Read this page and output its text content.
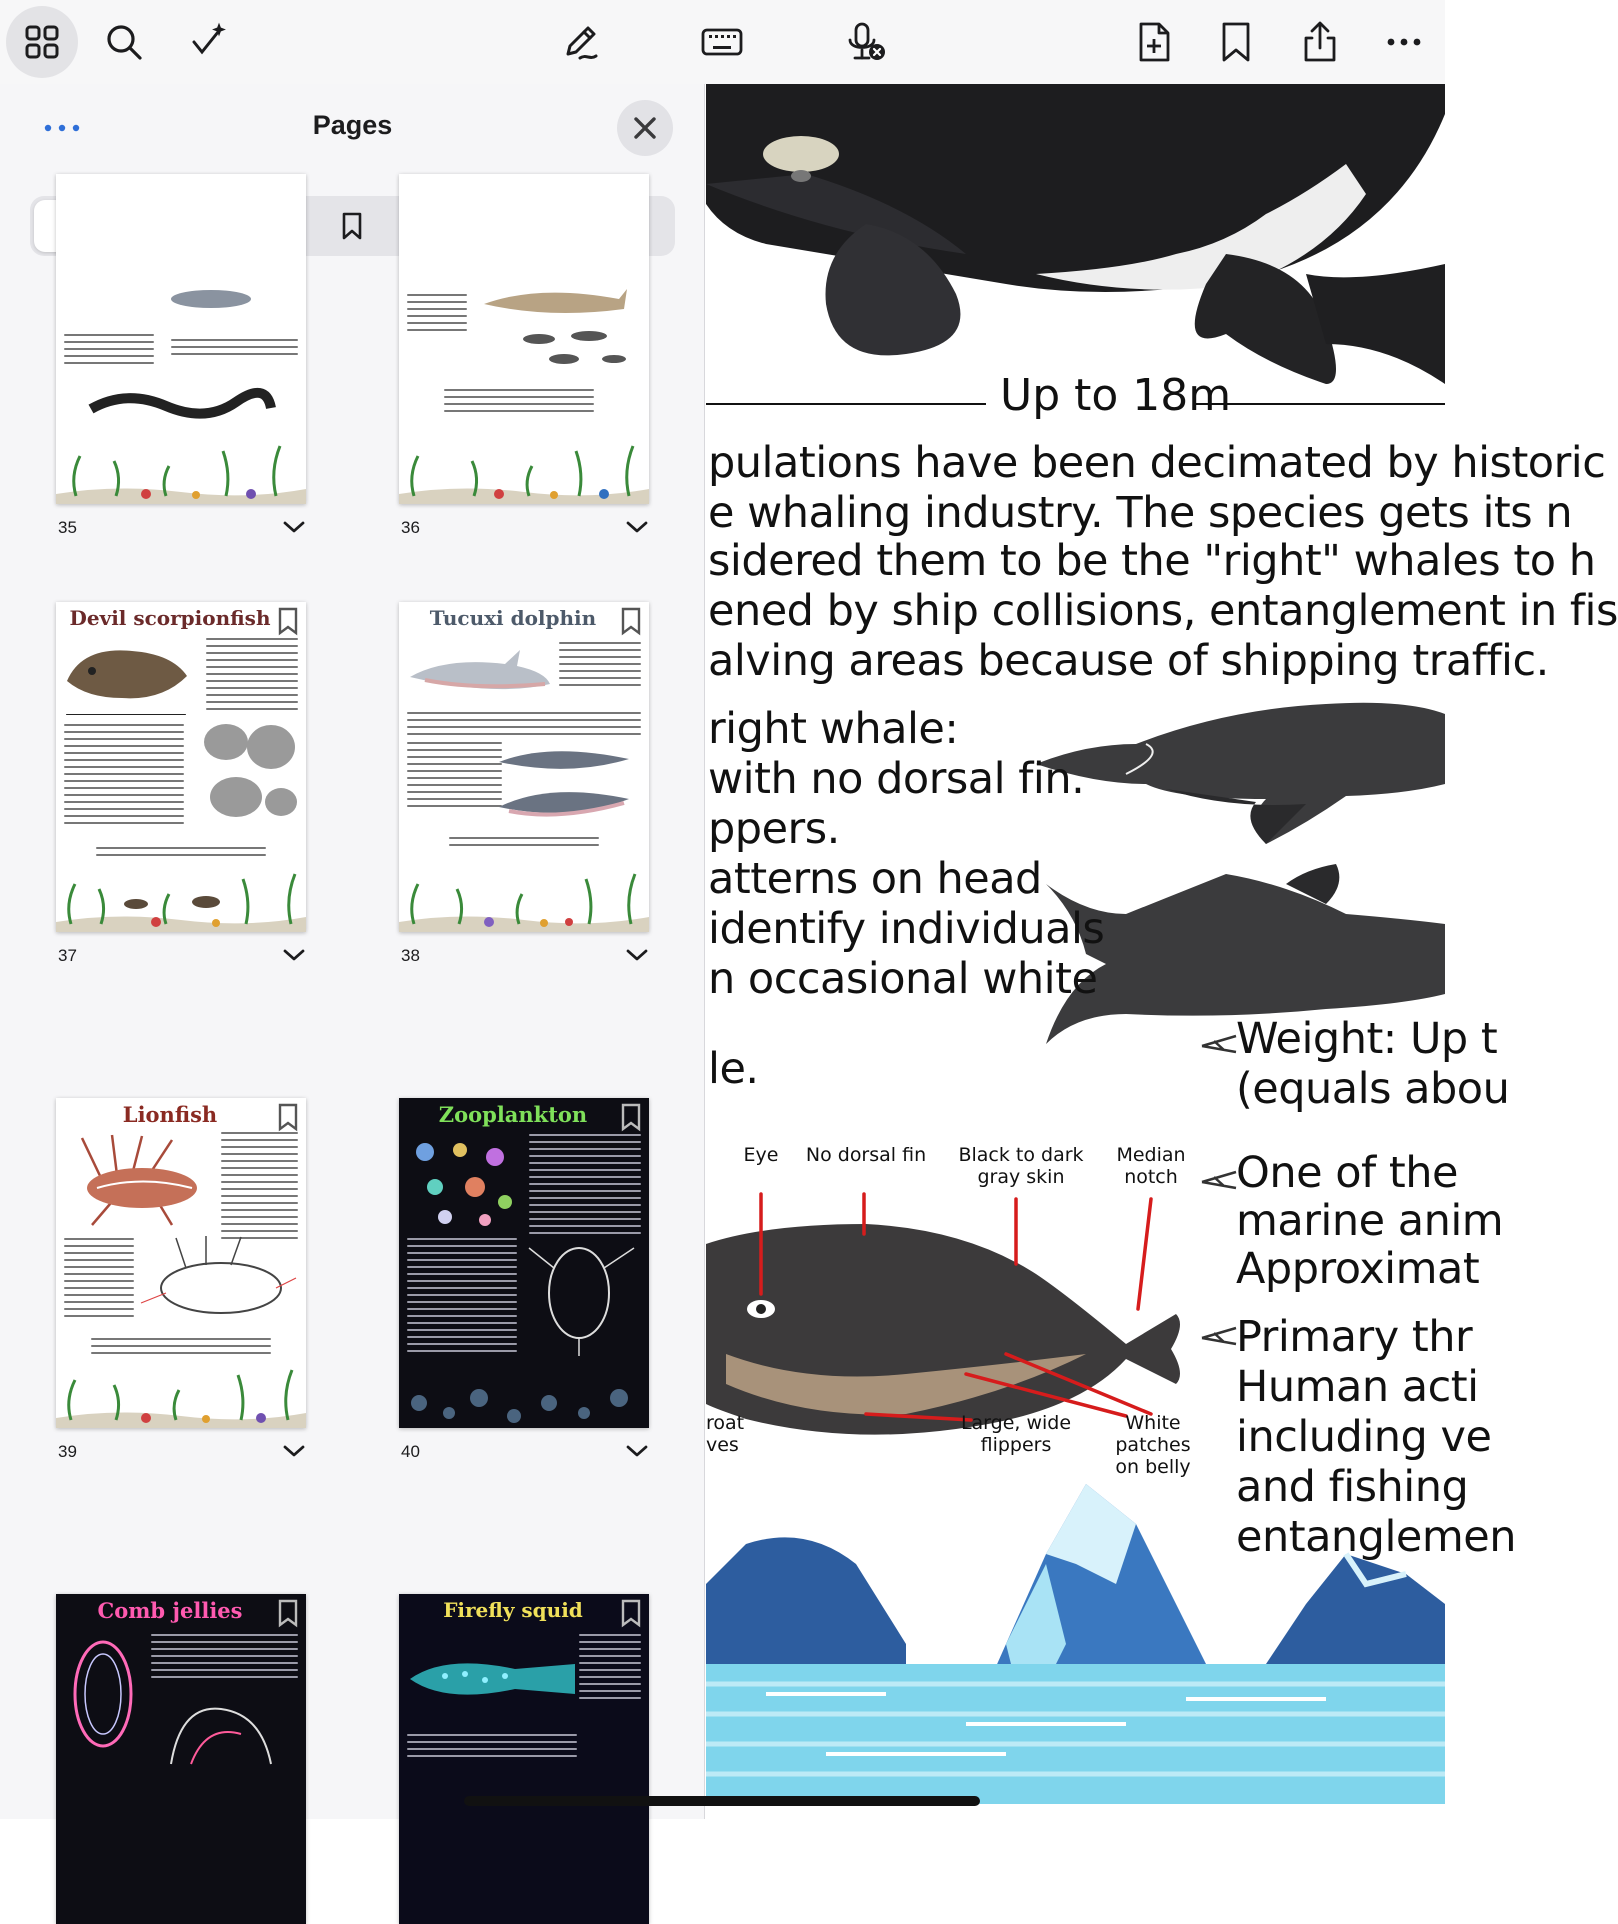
Pages
35	36
Devil scorpionfish
37
Tucuxi dolphin
38
Lionfish
39
Zooplankton
40
Comb jellies	Firefly squid
Up to 18m
pulations have been decimated by historic
e whaling industry. The species gets its n
sidered them to be the "right" whales to h
ened by ship collisions, entanglement in fis
alving areas because of shipping traffic.
right whale:
with no dorsal fin.
ppers.
atterns on head
identify individuals
n occasional white
le.
Weight: Up t
(equals abou
One of the
marine anim
Approximat
Primary thr
Human acti
including ve
and fishing
entanglemen
Eye	No dorsal fin	Black to dark
gray skin
Median
notch
roat
ves
Large, wide
flippers
White patches
on belly
